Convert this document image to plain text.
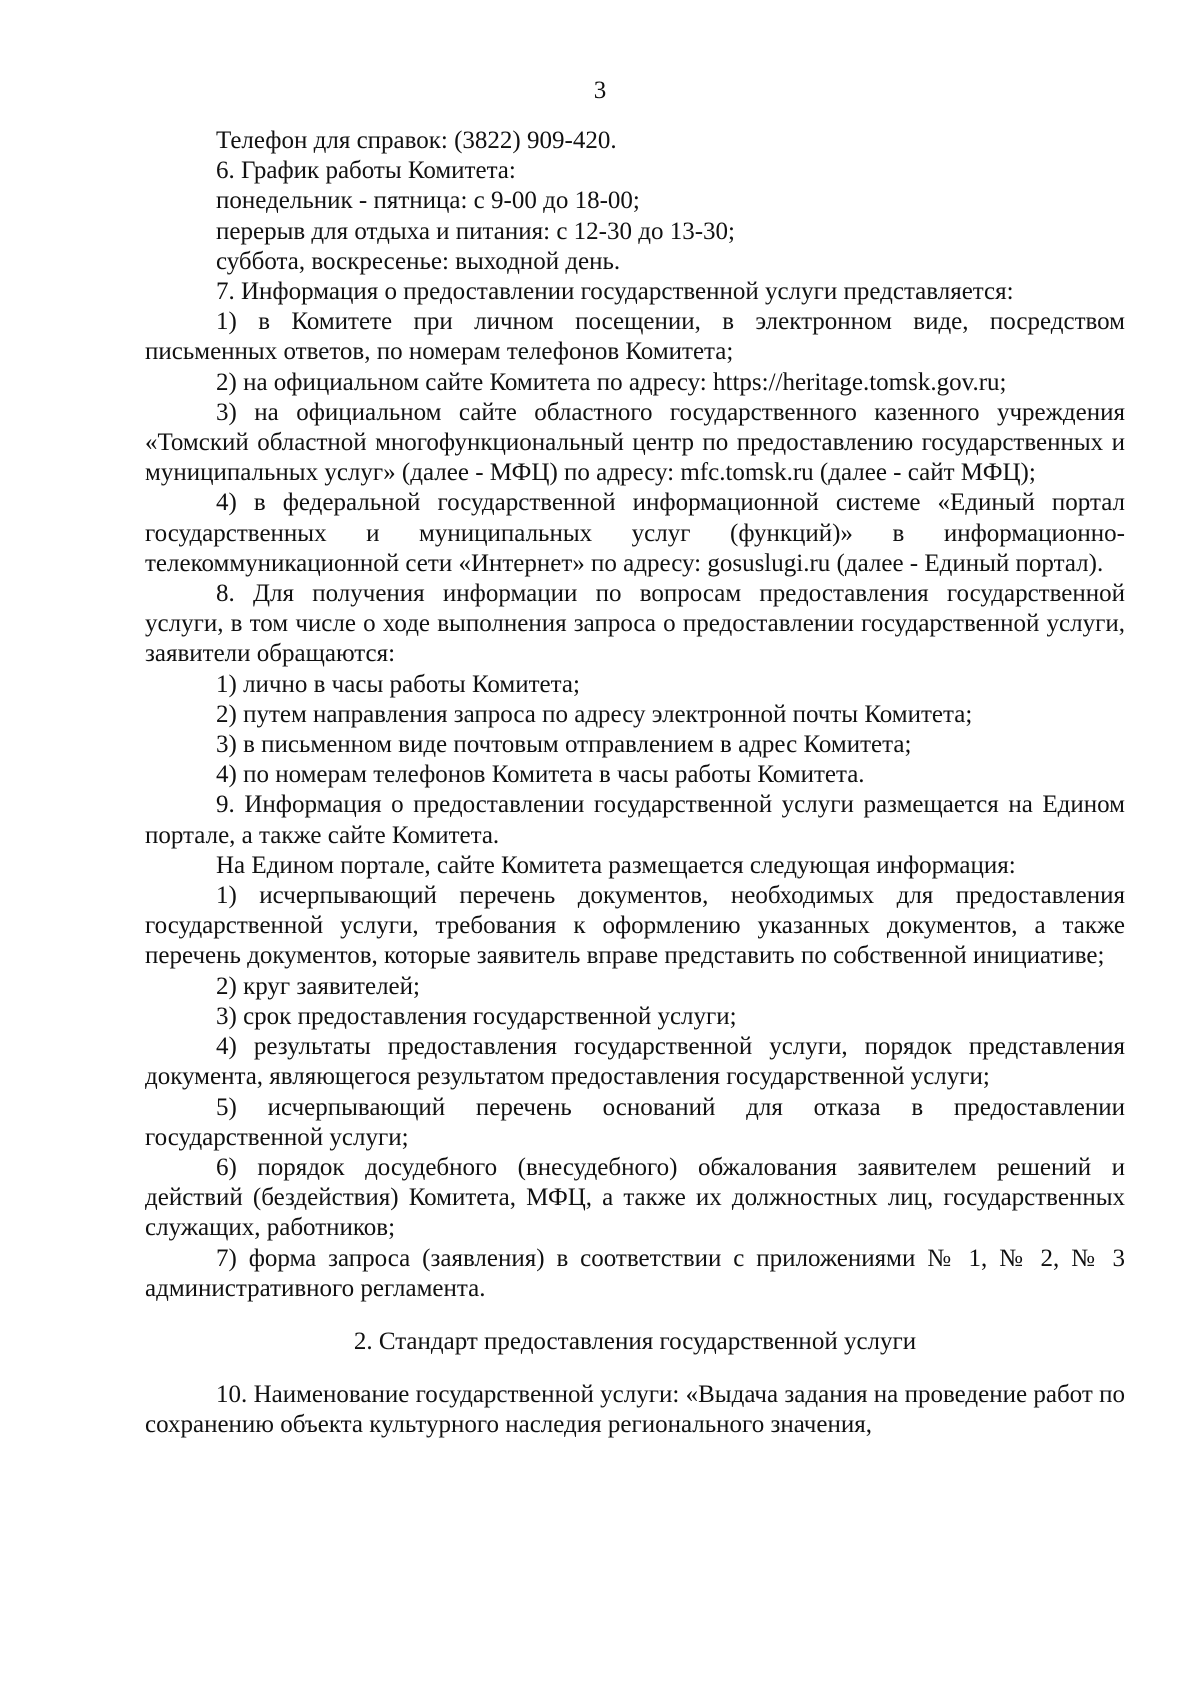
3

Телефон для справок: (3822) 909-420.

6. График работы Комитета:

понедельник - пятница: с 9-00 до 18-00;

перерыв для отдыха и питания: с 12-30 до 13-30;

суббота, воскресенье: выходной день.

7. Информация о предоставлении государственной услуги представляется:

1) в Комитете при личном посещении, в электронном виде, посредством письменных ответов, по номерам телефонов Комитета;

2) на официальном сайте Комитета по адресу: https://heritage.tomsk.gov.ru;

3) на официальном сайте областного государственного казенного учреждения «Томский областной многофункциональный центр по предоставлению государственных и муниципальных услуг» (далее - МФЦ) по адресу: mfc.tomsk.ru (далее - сайт МФЦ);

4) в федеральной государственной информационной системе «Единый портал государственных и муниципальных услуг (функций)» в информационно-телекоммуникационной сети «Интернет» по адресу: gosuslugi.ru (далее - Единый портал).

8. Для получения информации по вопросам предоставления государственной услуги, в том числе о ходе выполнения запроса о предоставлении государственной услуги, заявители обращаются:

1) лично в часы работы Комитета;

2) путем направления запроса по адресу электронной почты Комитета;

3) в письменном виде почтовым отправлением в адрес Комитета;

4) по номерам телефонов Комитета в часы работы Комитета.

9. Информация о предоставлении государственной услуги размещается на Едином портале, а также сайте Комитета.

На Едином портале, сайте Комитета размещается следующая информация:

1) исчерпывающий перечень документов, необходимых для предоставления государственной услуги, требования к оформлению указанных документов, а также перечень документов, которые заявитель вправе представить по собственной инициативе;

2) круг заявителей;

3) срок предоставления государственной услуги;

4) результаты предоставления государственной услуги, порядок представления документа, являющегося результатом предоставления государственной услуги;

5) исчерпывающий перечень оснований для отказа в предоставлении государственной услуги;

6) порядок досудебного (внесудебного) обжалования заявителем решений и действий (бездействия) Комитета, МФЦ, а также их должностных лиц, государственных служащих, работников;

7) форма запроса (заявления) в соответствии с приложениями № 1, № 2, № 3 административного регламента.

2. Стандарт предоставления государственной услуги

10. Наименование государственной услуги: «Выдача задания на проведение работ по сохранению объекта культурного наследия регионального значения,
